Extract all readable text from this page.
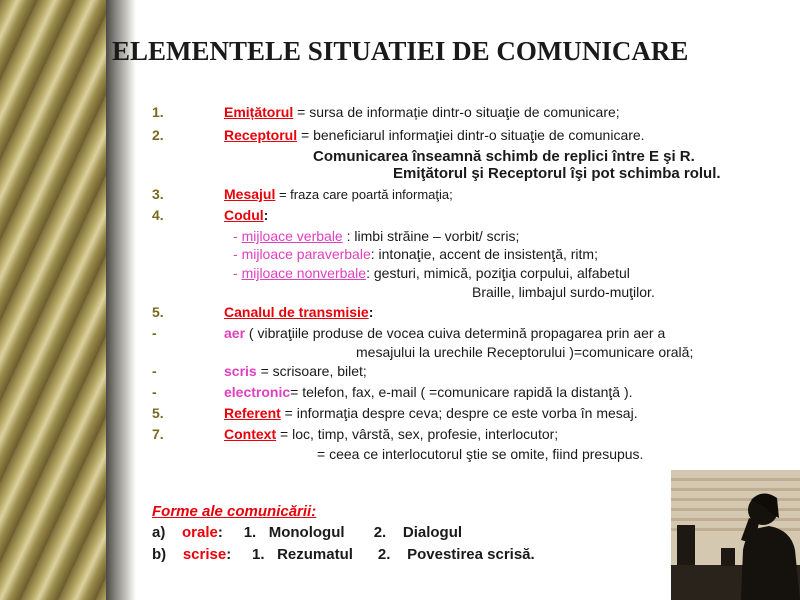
ELEMENTELE SITUATIEI DE COMUNICARE
1.	Emițătorul = sursa de informație dintr-o situaţie de comunicare;
2.	Receptorul = beneficiarul informaţiei dintr-o situaţie de comunicare.
Comunicarea înseamnă schimb de replici între E şi R.
Emiţătorul şi Receptorul îşi pot schimba rolul.
3.	Mesajul = fraza care poartă informaţia;
4.	Codul:
- mijloace verbale : limbi străine – vorbit/ scris;
- mijloace paraverbale: intonaţie, accent de insistenţă, ritm;
- mijloace nonverbale: gesturi, mimică, poziţia corpului, alfabetul
Braille, limbajul surdo-muţilor.
5.	Canalul de transmisie:
-	aer ( vibraţiile produse de vocea cuiva determină propagarea prin aer a
mesajului la urechile Receptorului )=comunicare orală;
-	scris = scrisoare, bilet;
-	electronic= telefon, fax, e-mail ( =comunicare rapidă la distanţă ).
5.	Referent = informaţia despre ceva; despre ce este vorba în mesaj.
7.	Context = loc, timp, vârstă, sex, profesie, interlocutor;
= ceea ce interlocutorul ştie se omite, fiind presupus.
Forme ale comunicării:
a) orale:     1.   Monologul       2.    Dialogul
b) scrise:     1.   Rezumatul      2.    Povestirea scrisă.
